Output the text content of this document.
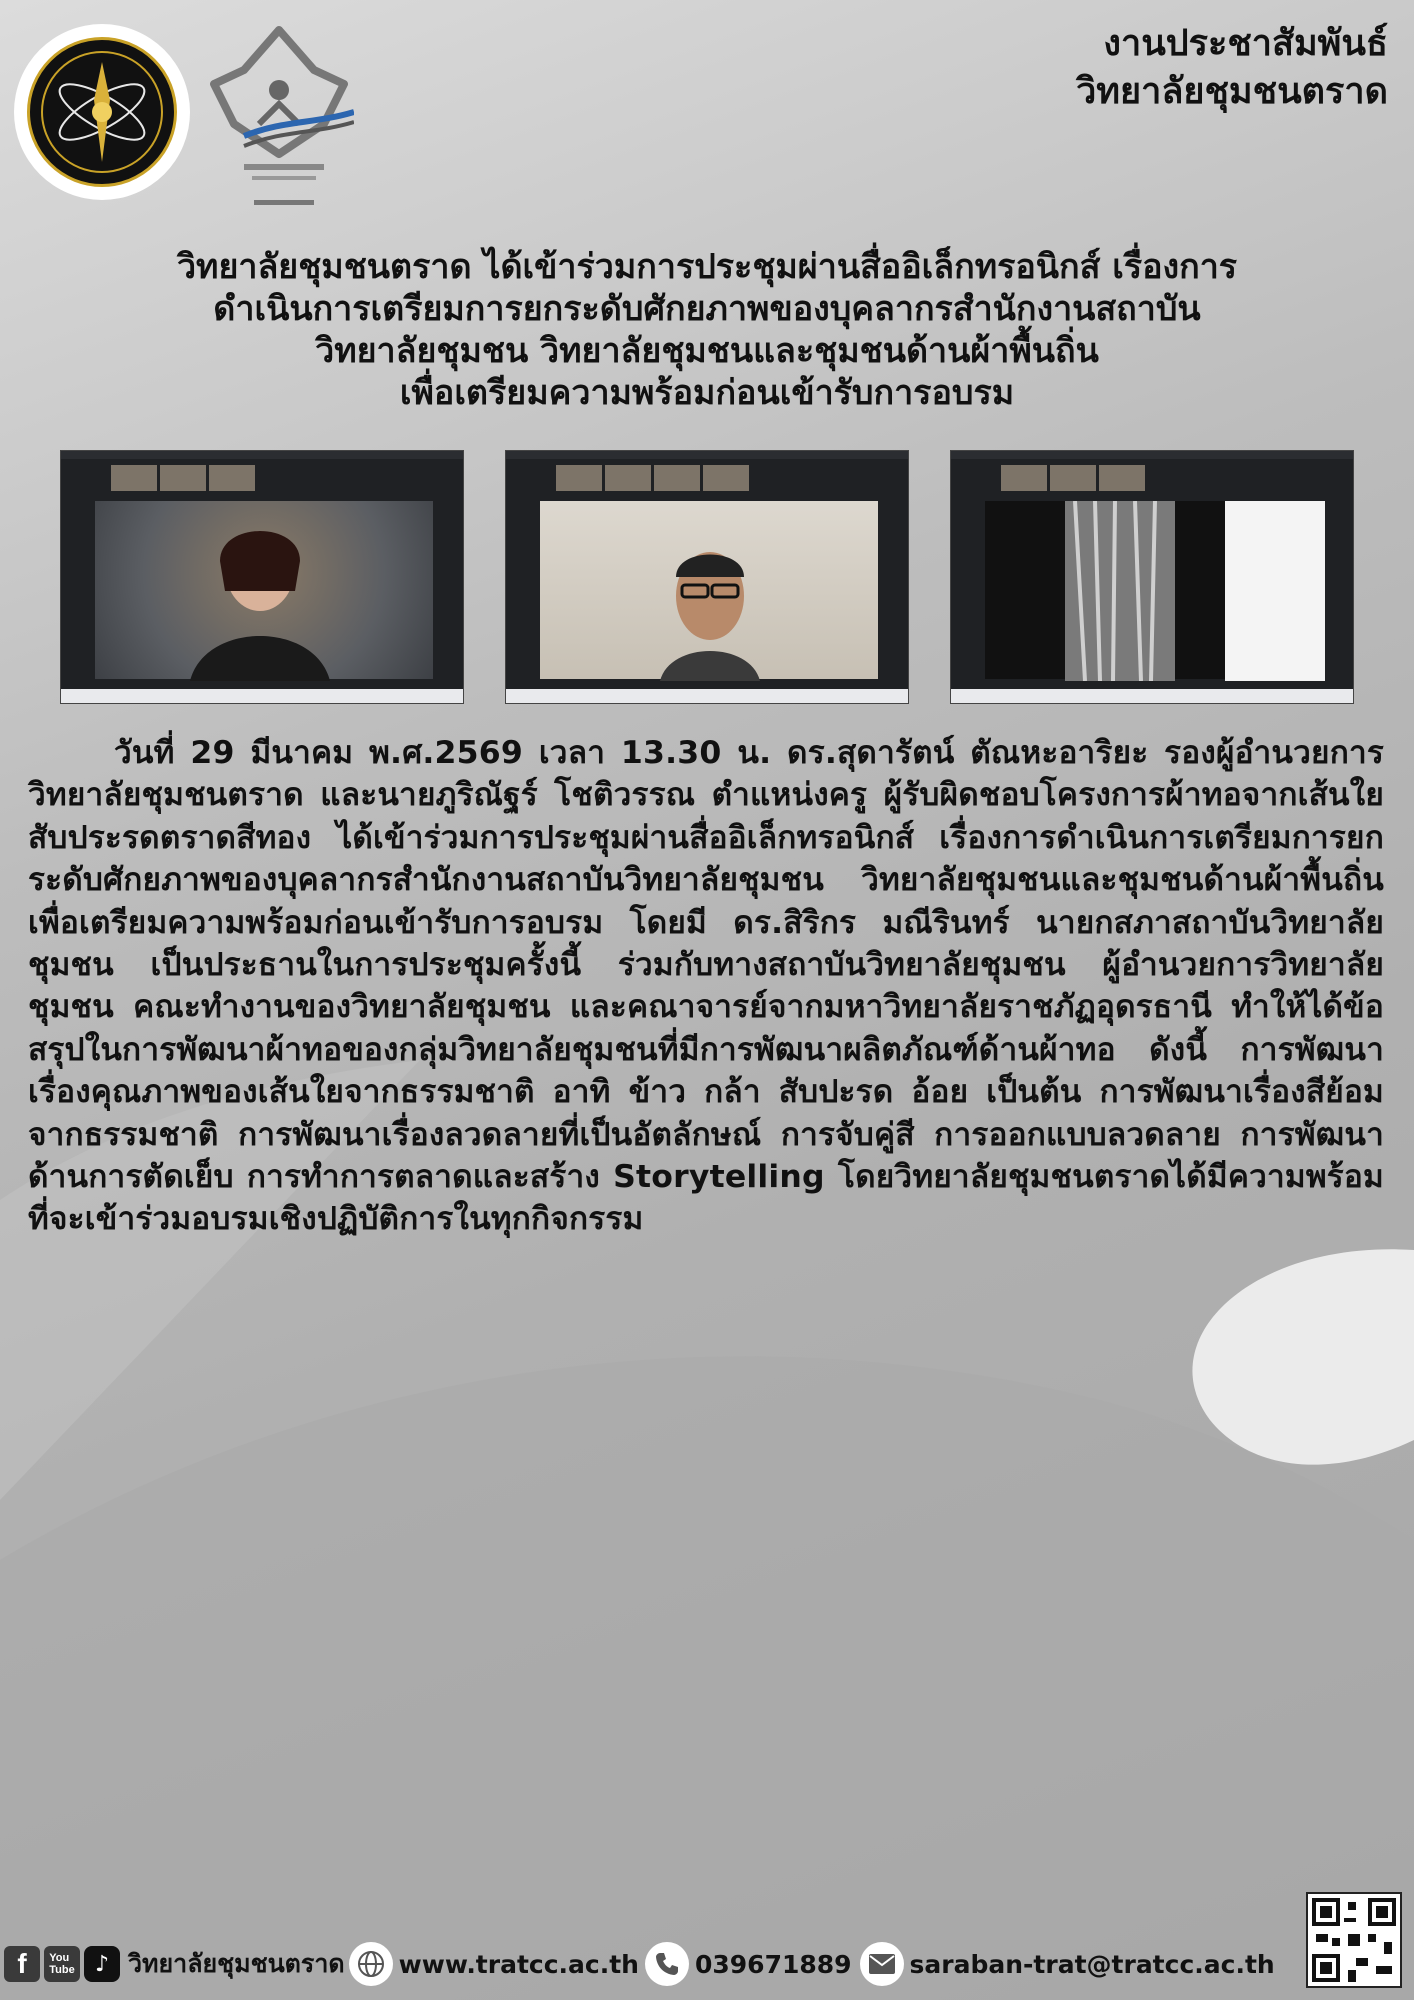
งานประชาสัมพันธ์
วิทยาลัยชุมชนตราด
วิทยาลัยชุมชนตราด ได้เข้าร่วมการประชุมผ่านสื่ออิเล็กทรอนิกส์ เรื่องการ
ดำเนินการเตรียมการยกระดับศักยภาพของบุคลากรสำนักงานสถาบัน
วิทยาลัยชุมชน วิทยาลัยชุมชนและชุมชนด้านผ้าพื้นถิ่น
เพื่อเตรียมความพร้อมก่อนเข้ารับการอบรม
วันที่ 29 มีนาคม พ.ศ.2569 เวลา 13.30 น. ดร.สุดารัตน์ ตัณหะอาริยะ รองผู้อำนวยการวิทยาลัยชุมชนตราด และนายภูริณัฐร์ โชติวรรณ ตำแหน่งครู ผู้รับผิดชอบโครงการผ้าทอจากเส้นใยสับประรดตราดสีทอง ได้เข้าร่วมการประชุมผ่านสื่ออิเล็กทรอนิกส์ เรื่องการดำเนินการเตรียมการยกระดับศักยภาพของบุคลากรสำนักงานสถาบันวิทยาลัยชุมชน วิทยาลัยชุมชนและชุมชนด้านผ้าพื้นถิ่น เพื่อเตรียมความพร้อมก่อนเข้ารับการอบรม โดยมี ดร.สิริกร มณีรินทร์ นายกสภาสถาบันวิทยาลัยชุมชน เป็นประธานในการประชุมครั้งนี้ ร่วมกับทางสถาบันวิทยาลัยชุมชน ผู้อำนวยการวิทยาลัยชุมชน คณะทำงานของวิทยาลัยชุมชน และคณาจารย์จากมหาวิทยาลัยราชภัฏอุดรธานี ทำให้ได้ข้อสรุปในการพัฒนาผ้าทอของกลุ่มวิทยาลัยชุมชนที่มีการพัฒนาผลิตภัณฑ์ด้านผ้าทอ ดังนี้ การพัฒนาเรื่องคุณภาพของเส้นใยจากธรรมชาติ อาทิ ข้าว กล้า สับปะรด อ้อย เป็นต้น การพัฒนาเรื่องสีย้อมจากธรรมชาติ การพัฒนาเรื่องลวดลายที่เป็นอัตลักษณ์ การจับคู่สี การออกแบบลวดลาย การพัฒนาด้านการตัดเย็บ การทำการตลาดและสร้าง Storytelling โดยวิทยาลัยชุมชนตราดได้มีความพร้อมที่จะเข้าร่วมอบรมเชิงปฏิบัติการในทุกกิจกรรม
f	You
Tube ♪ วิทยาลัยชุมชนตราด www.tratcc.ac.th 039671889 saraban-trat@tratcc.ac.th
